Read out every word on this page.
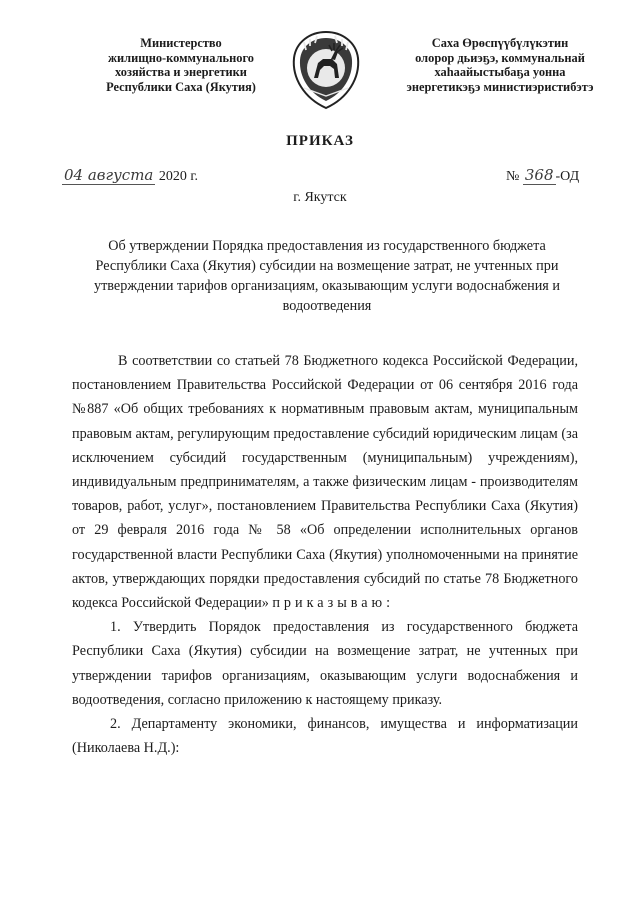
Министерство
жилищно-коммунального
хозяйства и энергетики
Республики Саха (Якутия)
Саха Өрөспүүбүлүкэтин
олорор дьиэҕэ, коммунальнай
хаһаайыстыбаҕа уонна
энергетикэҕэ министиэристибэтэ
ПРИКАЗ
04 августа 2020 г.	№ 368 -ОД
г. Якутск
Об утверждении Порядка предоставления из государственного бюджета Республики Саха (Якутия) субсидии на возмещение затрат, не учтенных при утверждении тарифов организациям, оказывающим услуги водоснабжения и водоотведения

В соответствии со статьей 78 Бюджетного кодекса Российской Федерации, постановлением Правительства Российской Федерации от 06 сентября 2016 года №887 «Об общих требованиях к нормативным правовым актам, муниципальным правовым актам, регулирующим предоставление субсидий юридическим лицам (за исключением субсидий государственным (муниципальным) учреждениям), индивидуальным предпринимателям, а также физическим лицам - производителям товаров, работ, услуг», постановлением Правительства Республики Саха (Якутия) от 29 февраля 2016 года № 58 «Об определении исполнительных органов государственной власти Республики Саха (Якутия) уполномоченными на принятие актов, утверждающих порядки предоставления субсидий по статье 78 Бюджетного кодекса Российской Федерации» приказываю:

1. Утвердить Порядок предоставления из государственного бюджета Республики Саха (Якутия) субсидии на возмещение затрат, не учтенных при утверждении тарифов организациям, оказывающим услуги водоснабжения и водоотведения, согласно приложению к настоящему приказу.

2. Департаменту экономики, финансов, имущества и информатизации (Николаева Н.Д.):
